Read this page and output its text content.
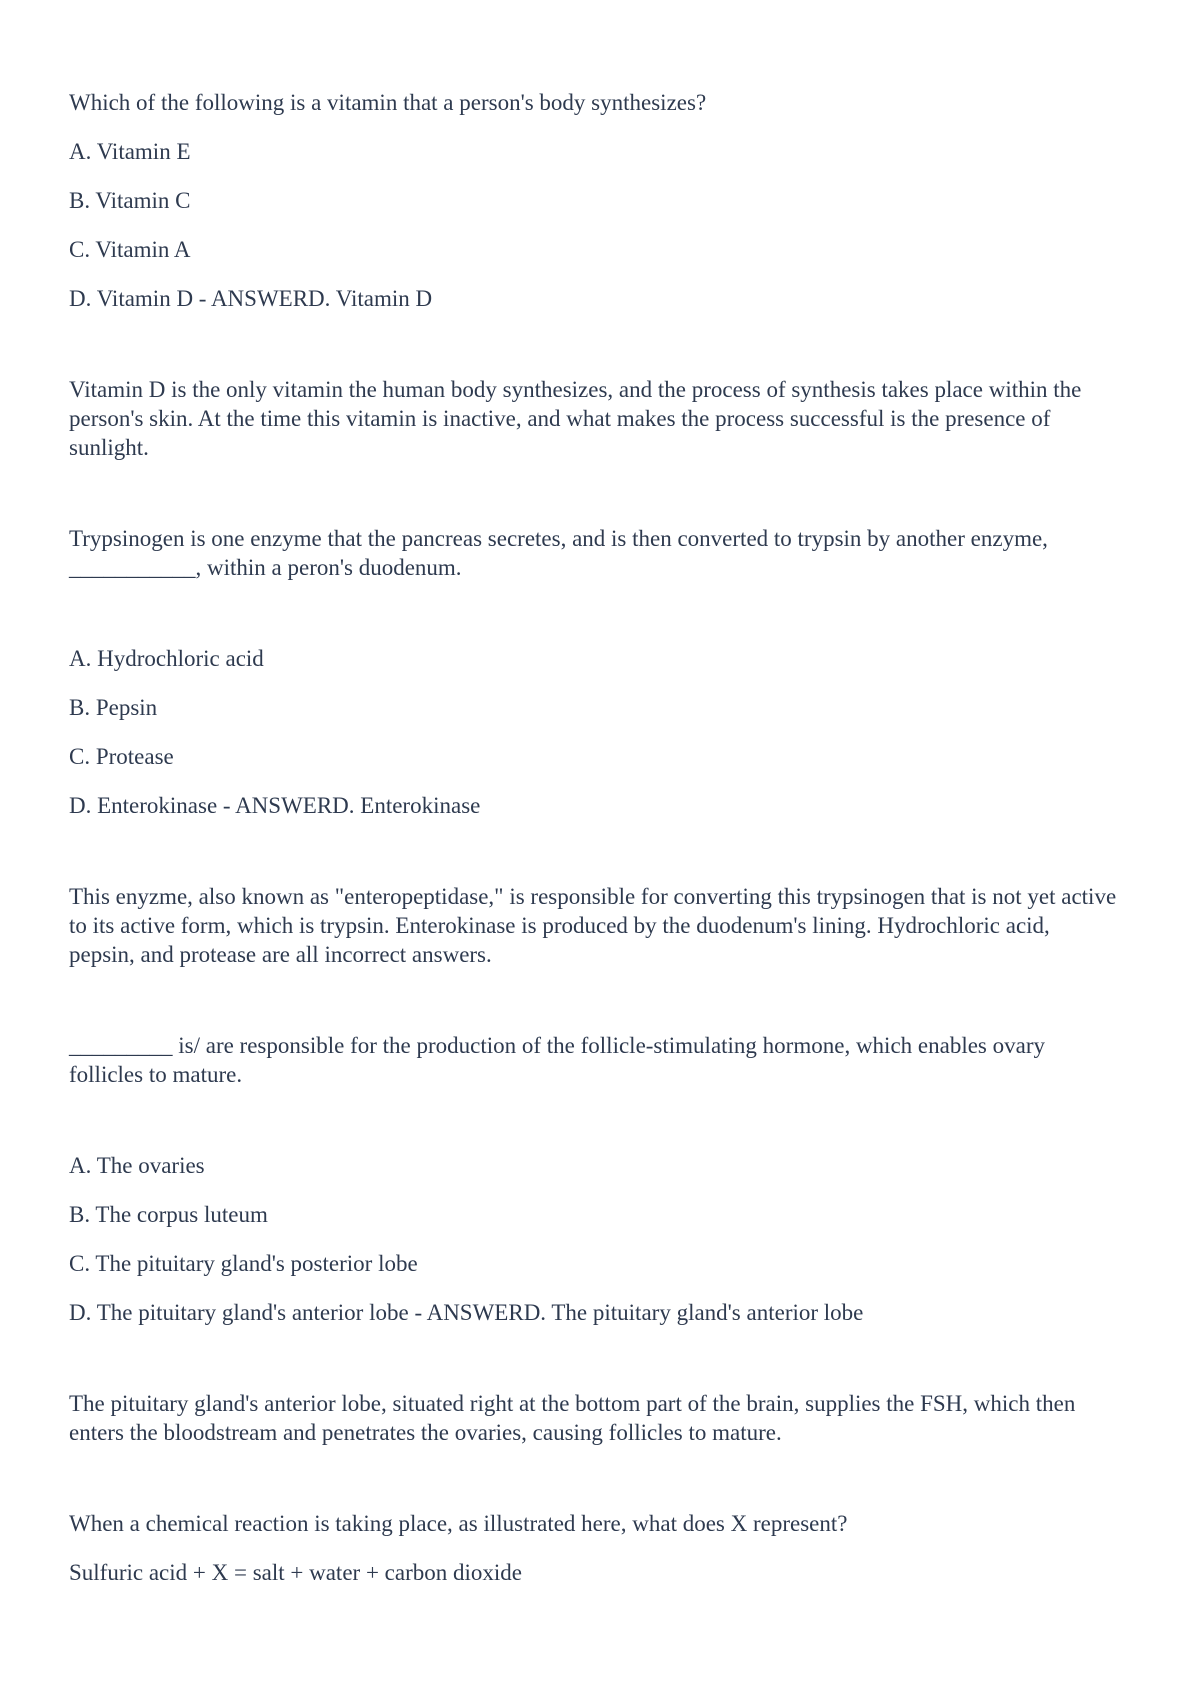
Which of the following is a vitamin that a person's body synthesizes?

A. Vitamin E

B. Vitamin C

C. Vitamin A

D. Vitamin D - ANSWERD. Vitamin D

Vitamin D is the only vitamin the human body synthesizes, and the process of synthesis takes place within the person's skin. At the time this vitamin is inactive, and what makes the process successful is the presence of sunlight.

Trypsinogen is one enzyme that the pancreas secretes, and is then converted to trypsin by another enzyme, ___________, within a peron's duodenum.

A. Hydrochloric acid

B. Pepsin

C. Protease

D. Enterokinase - ANSWERD. Enterokinase

This enyzme, also known as "enteropeptidase," is responsible for converting this trypsinogen that is not yet active to its active form, which is trypsin. Enterokinase is produced by the duodenum's lining. Hydrochloric acid, pepsin, and protease are all incorrect answers.

_________ is/ are responsible for the production of the follicle-stimulating hormone, which enables ovary follicles to mature.

A. The ovaries

B. The corpus luteum

C. The pituitary gland's posterior lobe

D. The pituitary gland's anterior lobe - ANSWERD. The pituitary gland's anterior lobe

The pituitary gland's anterior lobe, situated right at the bottom part of the brain, supplies the FSH, which then enters the bloodstream and penetrates the ovaries, causing follicles to mature.

When a chemical reaction is taking place, as illustrated here, what does X represent?

Sulfuric acid + X = salt + water + carbon dioxide
